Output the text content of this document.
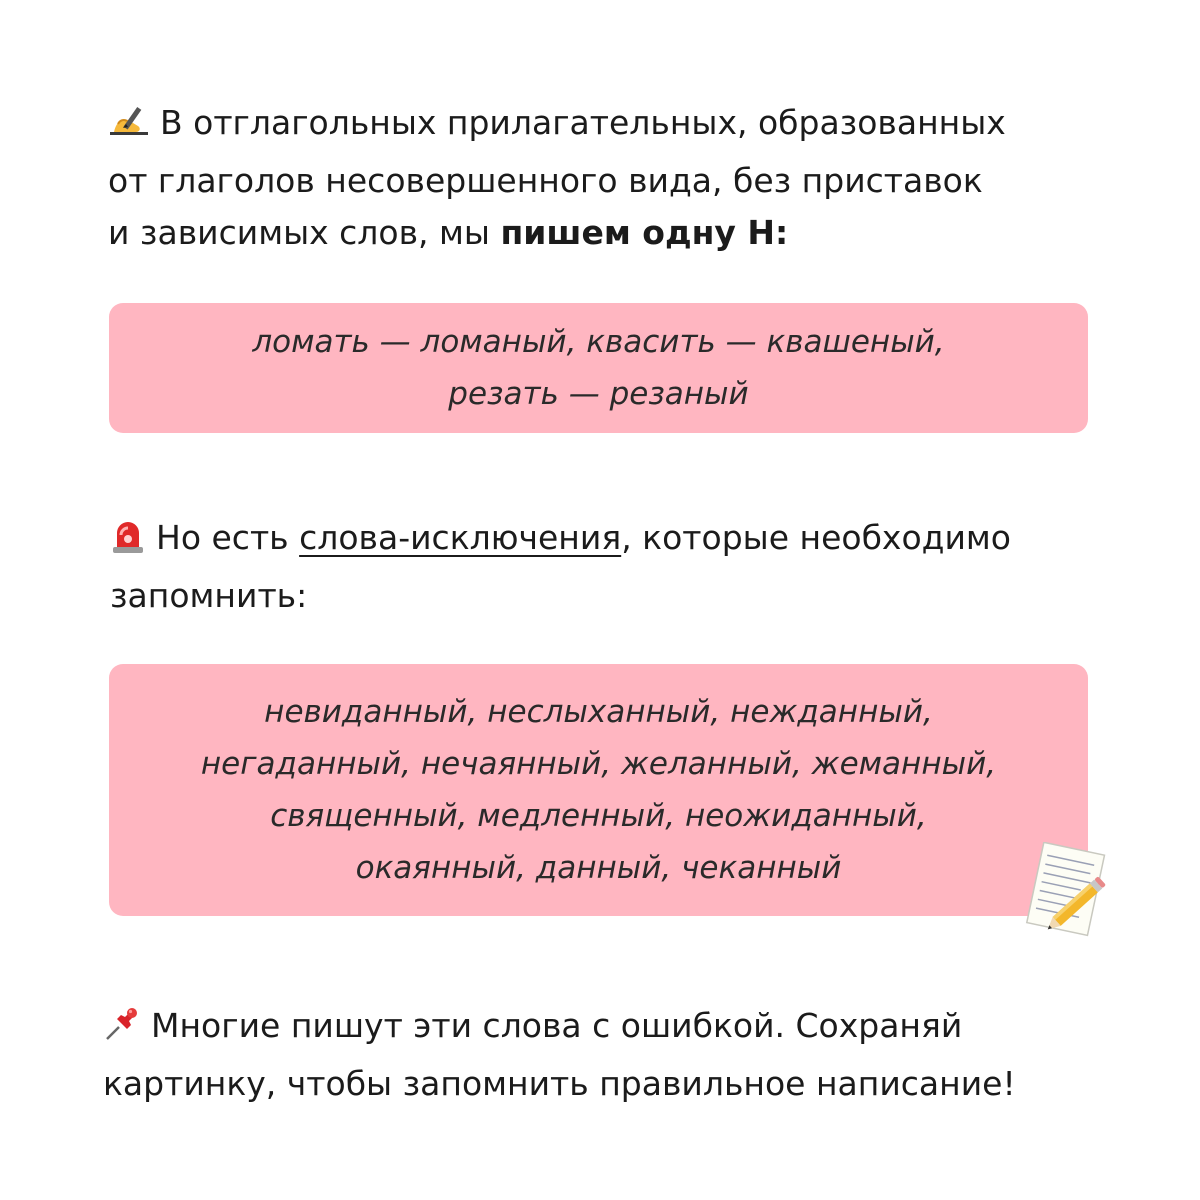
В отглагольных прилагательных, образованных
от глаголов несовершенного вида, без приставок
и зависимых слов, мы пишем одну Н:
ломать — ломаный, квасить — квашеный,
резать — резаный
Но есть слова-исключения, которые необходимо
запомнить:
невиданный, неслыханный, нежданный,
негаданный, нечаянный, желанный, жеманный,
священный, медленный, неожиданный,
окаянный, данный, чеканный
Многие пишут эти слова с ошибкой. Сохраняй
картинку, чтобы запомнить правильное написание!
